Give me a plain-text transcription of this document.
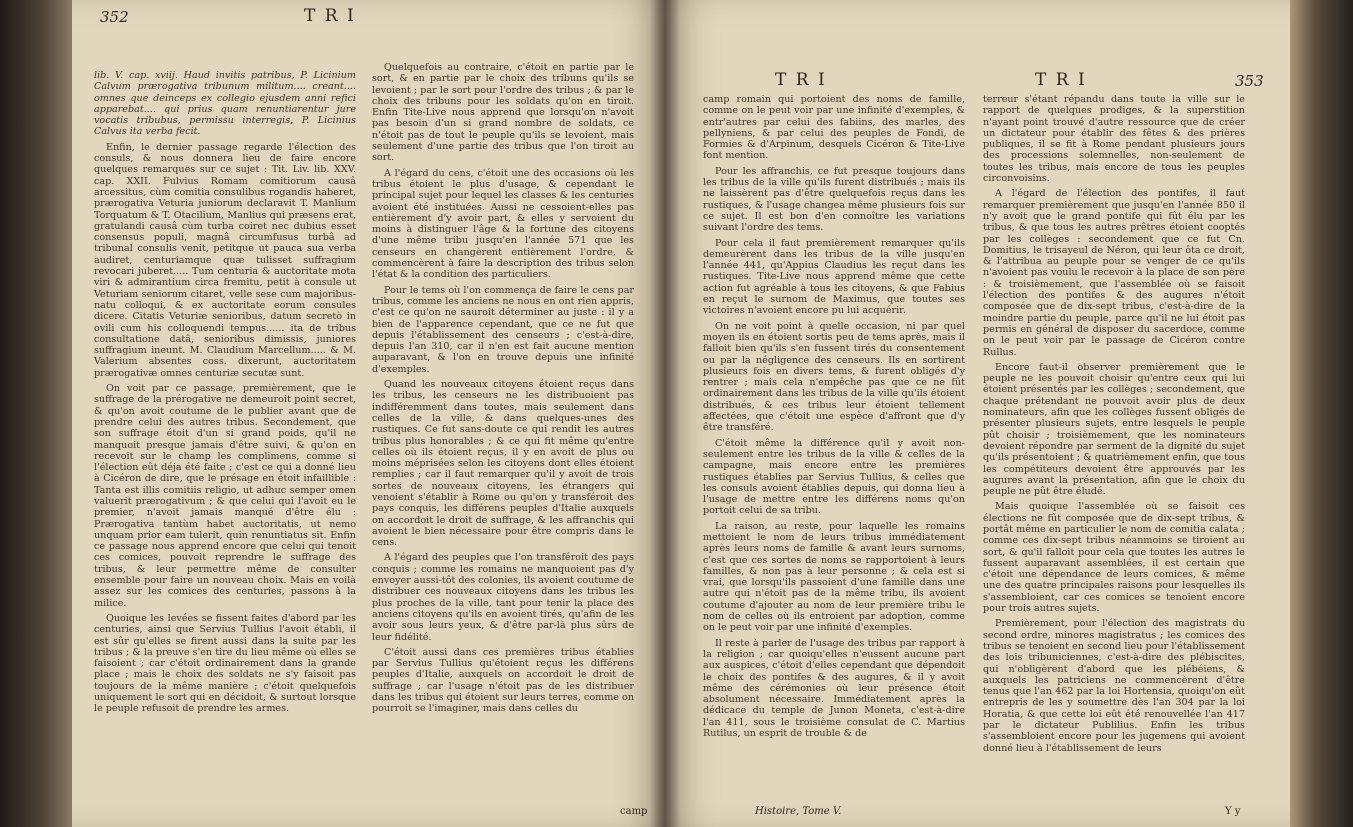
352	T R I

lib. V. cap. xviij. Haud invitis patribus, P. Licinium Calvum prærogativa tribunum militum.... creant.... omnes que deinceps ex collegio ejusdem anni refici apparebat.... qui prius quam renuntiarentur jure vocatis tribubus, permissu interregis, P. Licinius Calvus ita verba fecit.

Enfin, le dernier passage regarde l'élection des consuls, & nous donnera lieu de faire encore quelques remarques sur ce sujet : Tit. Liv. lib. XXV. cap. XXII. Fulvius Romam comitiorum causâ arcessitus, cùm comitia consulibus rogandis haberet, prærogativa Veturia juniorum declaravit T. Manlium Torquatum & T. Otacilium, Manlius qui præsens erat, gratulandi causâ cùm turba coiret nec dubius esset consensus populi, magnâ circumfusus turbâ ad tribunal consulis venit, petitque ut pauca sua verba audiret, centuriamque quæ tulisset suffragium revocari juberet..... Tum centuria & auctoritate mota viri & admirantium circa fremitu, petit à consule ut Veturiam seniorum citaret, velle sese cum majoribus-natu colloqui, & ex auctoritate eorum consules dicere. Citatis Veturiæ senioribus, datum secretò in ovili cum his colloquendi tempus...... ita de tribus consultatione datâ, senioribus dimissis, juniores suffragium ineunt. M. Claudium Marcellum..... & M. Valerium absentes coss. dixerunt, auctoritatem prærogativæ omnes centuriæ secutæ sunt.

On voit par ce passage, premièrement, que le suffrage de la prérogative ne demeuroit point secret, & qu'on avoit coutume de le publier avant que de prendre celui des autres tribus. Secondement, que son suffrage étoit d'un si grand poids, qu'il ne manquoit presque jamais d'être suivi, & qu'on en recevoit sur le champ les complimens, comme si l'élection eût déja été faite ; c'est ce qui a donné lieu à Cicéron de dire, que le présage en étoit infaillible : Tanta est illis comitiis religio, ut adhuc semper omen valuerit prærogativum ; & que celui qui l'avoit eu le premier, n'avoit jamais manqué d'être élu : Prærogativa tantùm habet auctoritatis, ut nemo unquam prior eam tulerit, quin renuntiatus sit. Enfin ce passage nous apprend encore que celui qui tenoit ces comices, pouvoit reprendre le suffrage des tribus, & leur permettre même de consulter ensemble pour faire un nouveau choix. Mais en voilà assez sur les comices des centuries, passons à la milice.

Quoique les levées se fissent faites d'abord par les centuries, ainsi que Servius Tullius l'avoit établi, il est sûr qu'elles se firent aussi dans la suite par les tribus ; & la preuve s'en tire du lieu même où elles se faisoient ; car c'étoit ordinairement dans la grande place ; mais le choix des soldats ne s'y faisoit pas toujours de la même manière ; c'étoit quelquefois uniquement le sort qui en décidoit, & surtout lorsque le peuple refusoit de prendre les armes.

Quelquefois au contraire, c'étoit en partie par le sort, & en partie par le choix des tribuns qu'ils se levoient ; par le sort pour l'ordre des tribus ; & par le choix des tribuns pour les soldats qu'on en tiroit. Enfin Tite-Live nous apprend que lorsqu'on n'avoit pas besoin d'un si grand nombre de soldats, ce n'étoit pas de tout le peuple qu'ils se levoient, mais seulement d'une partie des tribus que l'on tiroit au sort.

A l'égard du cens, c'étoit une des occasions où les tribus étoient le plus d'usage, & cependant le principal sujet pour lequel les classes & les centuries avoient été instituées. Aussi ne cessoient-elles pas entièrement d'y avoir part, & elles y servoient du moins à distinguer l'âge & la fortune des citoyens d'une même tribu jusqu'en l'année 571 que les censeurs en changèrent entièrement l'ordre, & commencèrent à faire la description des tribus selon l'état & la condition des particuliers.

Pour le tems où l'on commença de faire le cens par tribus, comme les anciens ne nous en ont rien appris, c'est ce qu'on ne sauroit déterminer au juste : il y a bien de l'apparence cependant, que ce ne fut que depuis l'établissement des censeurs ; c'est-à-dire, depuis l'an 310, car il n'en est fait aucune mention auparavant, & l'on en trouve depuis une infinité d'exemples.

Quand les nouveaux citoyens étoient reçus dans les tribus, les censeurs ne les distribuoient pas indifféremment dans toutes, mais seulement dans celles de la ville, & dans quelques-unes des rustiques. Ce fut sans-doute ce qui rendit les autres tribus plus honorables ; & ce qui fit même qu'entre celles où ils étoient reçus, il y en avoit de plus ou moins méprisées selon les citoyens dont elles étoient remplies ; car il faut remarquer qu'il y avoit de trois sortes de nouveaux citoyens, les étrangers qui venoient s'établir à Rome ou qu'on y transféroit des pays conquis, les différens peuples d'Italie auxquels on accordoit le droit de suffrage, & les affranchis qui avoient le bien nécessaire pour être compris dans le cens.

A l'égard des peuples que l'on transféroit des pays conquis ; comme les romains ne manquoient pas d'y envoyer aussi-tôt des colonies, ils avoient coutume de distribuer ces nouveaux citoyens dans les tribus les plus proches de la ville, tant pour tenir la place des anciens citoyens qu'ils en avoient tirés, qu'afin de les avoir sous leurs yeux, & d'être par-là plus sûrs de leur fidélité.

C'étoit aussi dans ces premières tribus établies par Servius Tullius qu'étoient reçus les différens peuples d'Italie, auxquels on accordoit le droit de suffrage ; car l'usage n'étoit pas de les distribuer dans les tribus qui étoient sur leurs terres, comme on pourroit se l'imaginer, mais dans celles du

camp
T R I	T R I	353

camp romain qui portoient des noms de famille, comme on le peut voir par une infinité d'exemples, & entr'autres par celui des fabiins, des marles, des pellyniens, & par celui des peuples de Fondi, de Formies & d'Arpinum, desquels Cicéron & Tite-Live font mention.

Pour les affranchis, ce fut presque toujours dans les tribus de la ville qu'ils furent distribués ; mais ils ne laissèrent pas d'être quelquefois reçus dans les rustiques, & l'usage changea même plusieurs fois sur ce sujet. Il est bon d'en connoître les variations suivant l'ordre des tems.

Pour cela il faut premièrement remarquer qu'ils demeurèrent dans les tribus de la ville jusqu'en l'année 441, qu'Appius Claudius les reçut dans les rustiques. Tite-Live nous apprend même que cette action fut agréable à tous les citoyens, & que Fabius en reçut le surnom de Maximus, que toutes ses victoires n'avoient encore pu lui acquérir.

On ne voit point à quelle occasion, ni par quel moyen ils en étoient sortis peu de tems après, mais il falloit bien qu'ils s'en fussent tirés du consentement ou par la négligence des censeurs. Ils en sortirent plusieurs fois en divers tems, & furent obligés d'y rentrer ; mais cela n'empêche pas que ce ne fût ordinairement dans les tribus de la ville qu'ils étoient distribués, & ces tribus leur étoient tellement affectées, que c'étoit une espèce d'affront que d'y être transféré.

C'étoit même la différence qu'il y avoit non-seulement entre les tribus de la ville & celles de la campagne, mais encore entre les premières rustiques établies par Servius Tullius, & celles que les consuls avoient établies depuis, qui donna lieu à l'usage de mettre entre les différens noms qu'on portoit celui de sa tribu.

La raison, au reste, pour laquelle les romains mettoient le nom de leurs tribus immédiatement après leurs noms de famille & avant leurs surnoms, c'est que ces sortes de noms se rapportoient à leurs familles, & non pas à leur personne ; & cela est si vrai, que lorsqu'ils passoient d'une famille dans une autre qui n'étoit pas de la même tribu, ils avoient coutume d'ajouter au nom de leur première tribu le nom de celles où ils entroient par adoption, comme on le peut voir par une infinité d'exemples.

Il reste à parler de l'usage des tribus par rapport à la religion ; car quoiqu'elles n'eussent aucune part aux auspices, c'étoit d'elles cependant que dépendoit le choix des pontifes & des augures, & il y avoit même des cérémonies où leur présence étoit absolument nécessaire. Immédiatement après la dédicace du temple de Junon Moneta, c'est-à-dire l'an 411, sous le troisième consulat de C. Martius Rutilus, un esprit de trouble & de

terreur s'étant répandu dans toute la ville sur le rapport de quelques prodiges, & la superstition n'ayant point trouvé d'autre ressource que de créer un dictateur pour établir des fêtes & des prières publiques, il se fit à Rome pendant plusieurs jours des processions solemnelles, non-seulement de toutes les tribus, mais encore de tous les peuples circonvoisins.

A l'égard de l'élection des pontifes, il faut remarquer premièrement que jusqu'en l'année 850 il n'y avoit que le grand pontife qui fût élu par les tribus, & que tous les autres prêtres étoient cooptés par les collèges : secondement que ce fut Cn. Domitius, le trisayeul de Néron, qui leur ôta ce droit, & l'attribua au peuple pour se venger de ce qu'ils n'avoient pas voulu le recevoir à la place de son père : & troisièmement, que l'assemblée où se faisoit l'élection des pontifes & des augures n'étoit composée que de dix-sept tribus, c'est-à-dire de la moindre partie du peuple, parce qu'il ne lui étoit pas permis en général de disposer du sacerdoce, comme on le peut voir par le passage de Cicéron contre Rullus.

Encore faut-il observer premièrement que le peuple ne les pouvoit choisir qu'entre ceux qui lui étoient présentés par les collèges ; secondement, que chaque prétendant ne pouvoit avoir plus de deux nominateurs, afin que les collèges fussent obligés de présenter plusieurs sujets, entre lesquels le peuple pût choisir ; troisièmement, que les nominateurs devoient répondre par serment de la dignité du sujet qu'ils présentoient ; & quatrièmement enfin, que tous les compétiteurs devoient être approuvés par les augures avant la présentation, afin que le choix du peuple ne pût être éludé.

Mais quoique l'assemblée où se faisoit ces élections ne fût composée que de dix-sept tribus, & portât même en particulier le nom de comitia calata ; comme ces dix-sept tribus néanmoins se tiroient au sort, & qu'il falloit pour cela que toutes les autres le fussent auparavant assemblées, il est certain que c'étoit une dépendance de leurs comices, & même une des quatre principales raisons pour lesquelles ils s'assembloient, car ces comices se tenoient encore pour trois autres sujets.

Premièrement, pour l'élection des magistrats du second ordre, minores magistratus ; les comices des tribus se tenoient en second lieu pour l'établissement des lois tribuniciennes, c'est-à-dire des plébiscites, qui n'obligèrent d'abord que les plébéiens, & auxquels les patriciens ne commencèrent d'être tenus que l'an 462 par la loi Hortensia, quoiqu'on eût entrepris de les y soumettre dès l'an 304 par la loi Horatia, & que cette loi eût été renouvellée l'an 417 par le dictateur Publilius. Enfin les tribus s'assembloient encore pour les jugemens qui avoient donné lieu à l'établissement de leurs

Histoire, Tome V.	Y y
